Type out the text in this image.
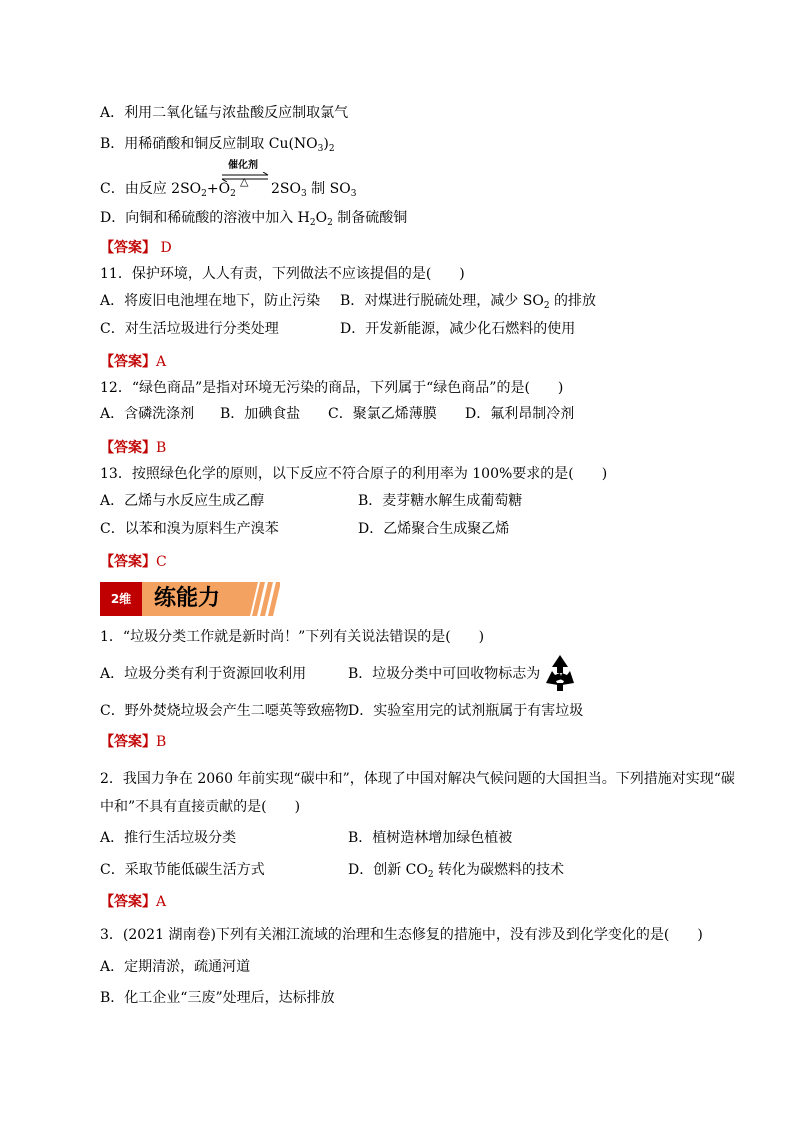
A．利用二氧化锰与浓盐酸反应制取氯气
B．用稀硝酸和铜反应制取 $Cu(NO_3)_2$
C．由反应 $2SO_2+O_2$
催化剂
△ $2SO_3$ 制 $SO_3$
D．向铜和稀硫酸的溶液中加入 $H_2O_2$ 制备硫酸铜
【答案】 D
11．保护环境，人人有责，下列做法不应该提倡的是(　　)
A．将废旧电池埋在地下，防止污染 B．对煤进行脱硫处理，减少 $SO_2$ 的排放
C．对生活垃圾进行分类处理	D．开发新能源，减少化石燃料的使用
【答案】A
12．“绿色商品”是指对环境无污染的商品，下列属于“绿色商品”的是(　　)
A．含磷洗涤剂 B．加碘食盐 C．聚氯乙烯薄膜 D．氟利昂制冷剂
【答案】B
13．按照绿色化学的原则，以下反应不符合原子的利用率为 100%要求的是(　　)
A．乙烯与水反应生成乙醇	B．麦芽糖水解生成葡萄糖
C．以苯和溴为原料生产溴苯	D．乙烯聚合生成聚乙烯
【答案】C
2维	练能力
1．“垃圾分类工作就是新时尚！”下列有关说法错误的是(　　)
A．垃圾分类有利于资源回收利用	B．垃圾分类中可回收物标志为
C．野外焚烧垃圾会产生二噁英等致癌物 D．实验室用完的试剂瓶属于有害垃圾
【答案】B
2．我国力争在 2060 年前实现“碳中和”，体现了中国对解决气候问题的大国担当。下列措施对实现“碳
中和”不具有直接贡献的是(　　)
A．推行生活垃圾分类	B．植树造林增加绿色植被
C．采取节能低碳生活方式	D．创新 $CO_2$ 转化为碳燃料的技术
【答案】A
3．(2021 湖南卷)下列有关湘江流域的治理和生态修复的措施中，没有涉及到化学变化的是(　　)
A．定期清淤，疏通河道
B．化工企业“三废”处理后，达标排放
